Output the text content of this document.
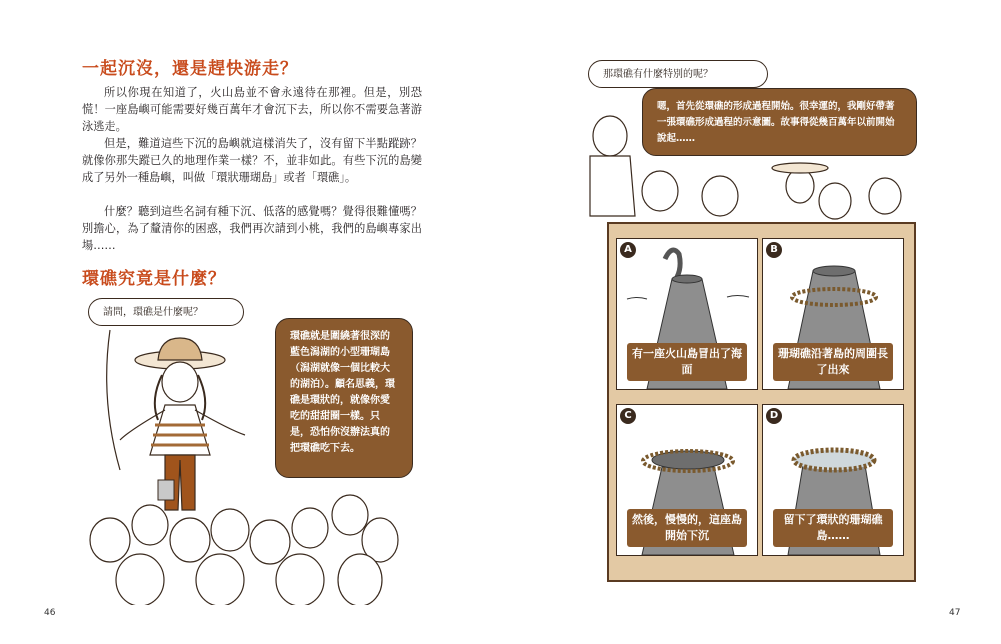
一起沉沒，還是趕快游走？

所以你現在知道了，火山島並不會永遠待在那裡。但是，別恐慌！一座島嶼可能需要好幾百萬年才會沉下去，所以你不需要急著游泳逃走。

但是，難道這些下沉的島嶼就這樣消失了，沒有留下半點蹤跡？就像你那失蹤已久的地理作業一樣？不，並非如此。有些下沉的島變成了另外一種島嶼，叫做「環狀珊瑚島」或者「環礁」。

什麼？聽到這些名詞有種下沉、低落的感覺嗎？覺得很難懂嗎？別擔心，為了釐清你的困惑，我們再次請到小桃，我們的島嶼專家出場……

環礁究竟是什麼？
請問，環礁是什麼呢？
環礁就是圍繞著很深的藍色潟湖的小型珊瑚島（潟湖就像一個比較大的湖泊）。顧名思義，環礁是環狀的，就像你愛吃的甜甜圈一樣。只是，恐怕你沒辦法真的把環礁吃下去。
46
那環礁有什麼特別的呢？
嗯，首先從環礁的形成過程開始。很幸運的，我剛好帶著一張環礁形成過程的示意圖。故事得從幾百萬年以前開始說起……
A
有一座火山島冒出了海面
B
珊瑚礁沿著島的周圍長了出來
C
然後，慢慢的，這座島開始下沉
D
留下了環狀的珊瑚礁島……
47
